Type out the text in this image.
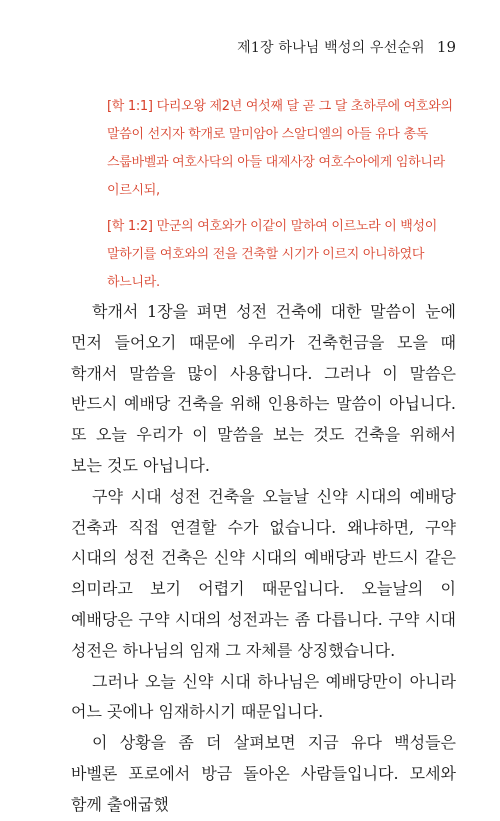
제1장 하나님 백성의 우선순위 19
[학 1:1] 다리오왕 제2년 여섯째 달 곧 그 달 초하루에 여호와의 말씀이 선지자 학개로 말미암아 스알디엘의 아들 유다 총독 스룹바벨과 여호사닥의 아들 대제사장 여호수아에게 임하니라 이르시되,
[학 1:2] 만군의 여호와가 이같이 말하여 이르노라 이 백성이 말하기를 여호와의 전을 건축할 시기가 이르지 아니하였다 하느니라.

학개서 1장을 펴면 성전 건축에 대한 말씀이 눈에 먼저 들어오기 때문에 우리가 건축헌금을 모을 때 학개서 말씀을 많이 사용합니다. 그러나 이 말씀은 반드시 예배당 건축을 위해 인용하는 말씀이 아닙니다. 또 오늘 우리가 이 말씀을 보는 것도 건축을 위해서 보는 것도 아닙니다.

구약 시대 성전 건축을 오늘날 신약 시대의 예배당 건축과 직접 연결할 수가 없습니다. 왜냐하면, 구약 시대의 성전 건축은 신약 시대의 예배당과 반드시 같은 의미라고 보기 어렵기 때문입니다. 오늘날의 이 예배당은 구약 시대의 성전과는 좀 다릅니다. 구약 시대 성전은 하나님의 임재 그 자체를 상징했습니다.

그러나 오늘 신약 시대 하나님은 예배당만이 아니라 어느 곳에나 임재하시기 때문입니다.

이 상황을 좀 더 살펴보면 지금 유다 백성들은 바벨론 포로에서 방금 돌아온 사람들입니다. 모세와 함께 출애굽했
